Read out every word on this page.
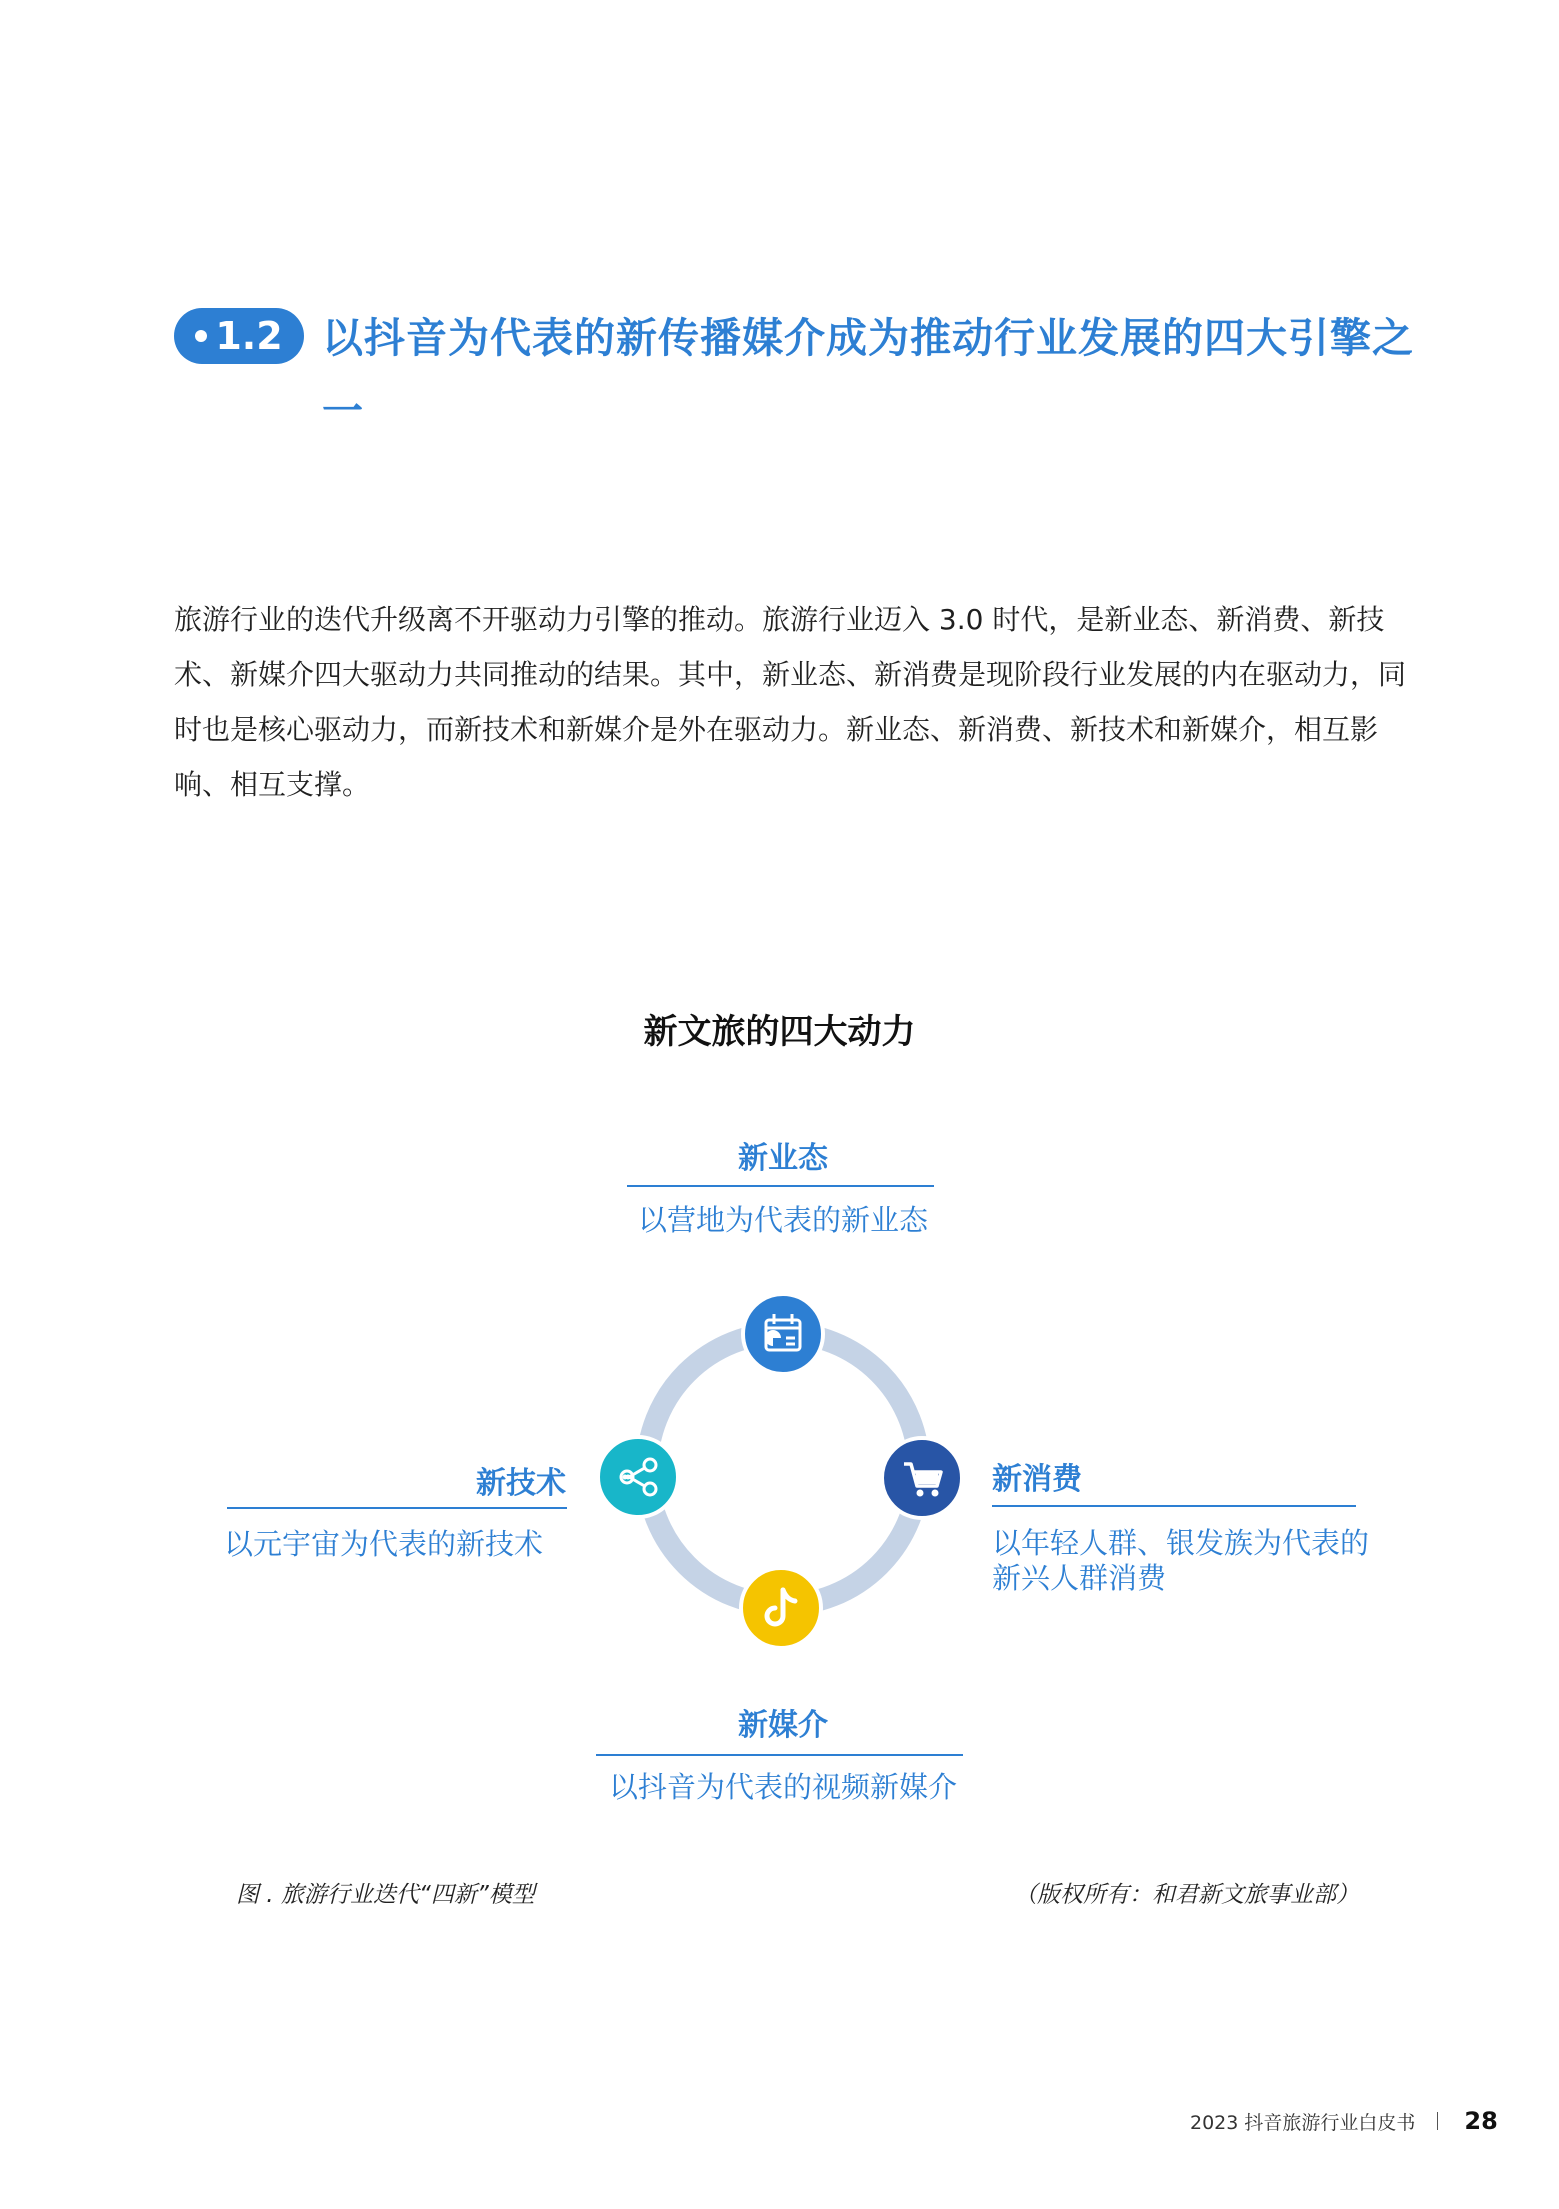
1.2 以抖音为代表的新传播媒介成为推动行业发展的四大引擎之一
旅游行业的迭代升级离不开驱动力引擎的推动。旅游行业迈入 3.0 时代，是新业态、新消费、新技术、新媒介四大驱动力共同推动的结果。其中，新业态、新消费是现阶段行业发展的内在驱动力，同时也是核心驱动力，而新技术和新媒介是外在驱动力。新业态、新消费、新技术和新媒介，相互影响、相互支撑。
新文旅的四大动力
新业态
以营地为代表的新业态
新技术
以元宇宙为代表的新技术
新消费
以年轻人群、银发族为代表的新兴人群消费
新媒介
以抖音为代表的视频新媒介
图 . 旅游行业迭代“四新”模型	（版权所有：和君新文旅事业部）
2023 抖音旅游行业白皮书 28
